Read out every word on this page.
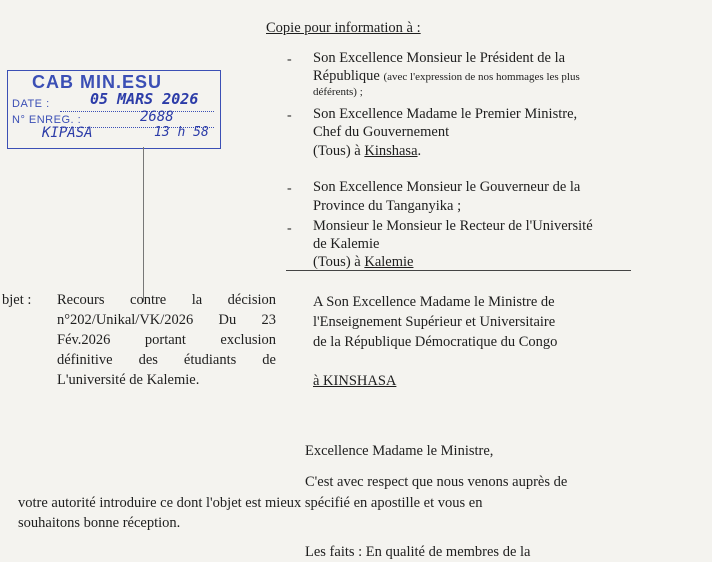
Copie pour information à :
- Son Excellence Monsieur le Président de la
République (avec l'expression de nos hommages les plus
déférents) ;
- Son Excellence Madame le Premier Ministre,
Chef du Gouvernement
(Tous) à Kinshasa.
- Son Excellence Monsieur le Gouverneur de la
Province du Tanganyika ;
- Monsieur le Monsieur le Recteur de l'Université
de Kalemie
(Tous) à Kalemie
CAB MIN.ESU
DATE :	05 MARS 2026
N° ENREG. :	2688
KIPASA	13 h 58
bjet : Recours contre la décision
n°202/Unikal/VK/2026 Du 23
Fév.2026 portant exclusion
définitive des étudiants de
L'université de Kalemie.
A Son Excellence Madame le Ministre de
l'Enseignement Supérieur et Universitaire
de la République Démocratique du Congo
à KINSHASA
Excellence Madame le Ministre,
C'est avec respect que nous venons auprès de
votre autorité introduire ce dont l'objet est mieux spécifié en apostille et vous en
souhaitons bonne réception.
Les faits : En qualité de membres de la
